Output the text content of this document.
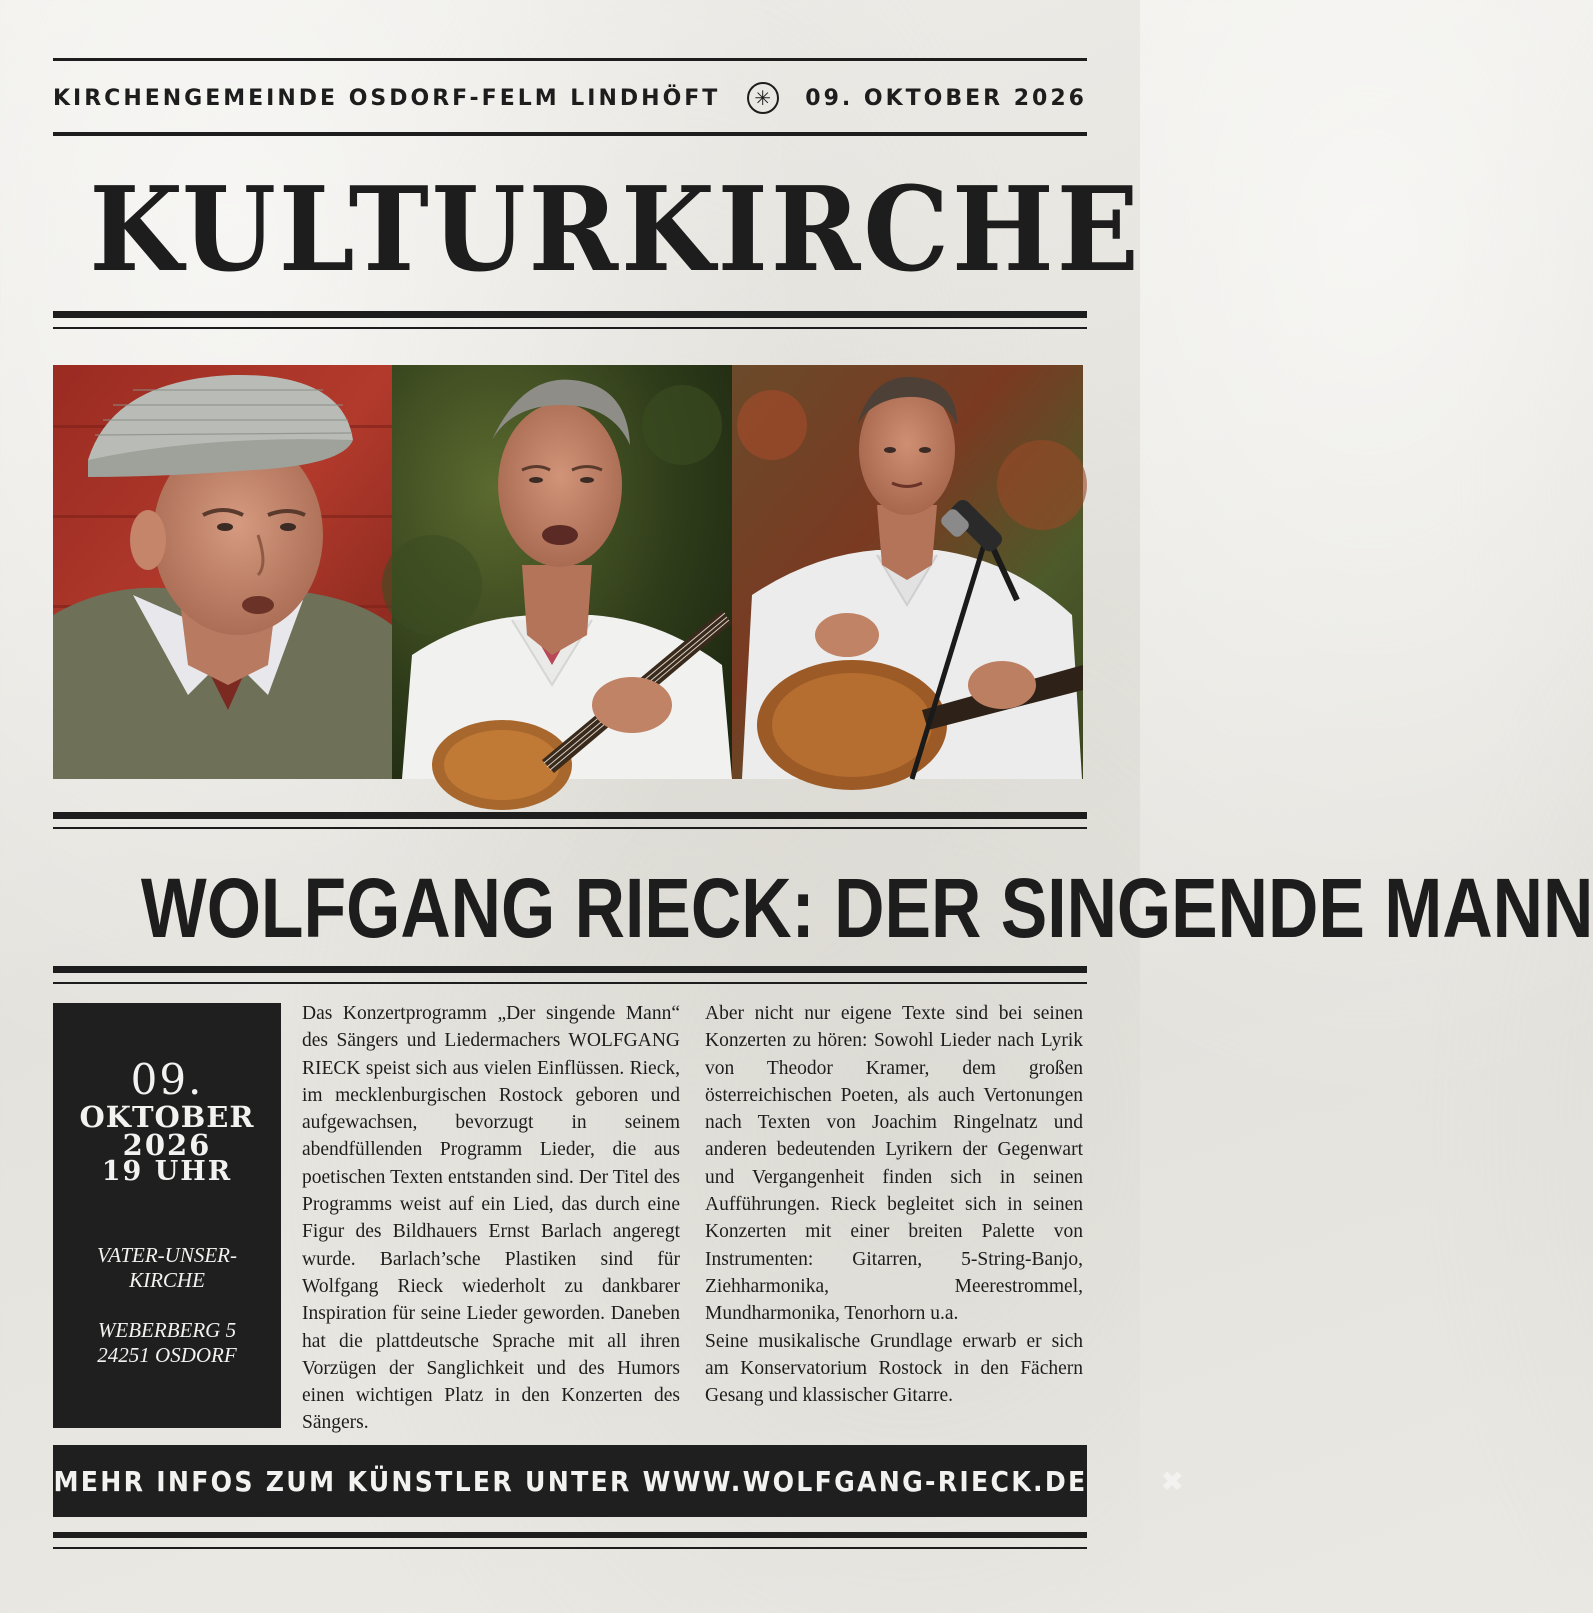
KIRCHENGEMEINDE OSDORF-FELM LINDHÖFT ✳ 09. OKTOBER 2026
KULTURKIRCHE
WOLFGANG RIECK: DER SINGENDE MANN
09.
OKTOBER
2026
19 UHR
VATER-UNSER-
KIRCHE
WEBERBERG 5
24251 OSDORF

Das Konzertprogramm „Der singende Mann“ des Sängers und Liedermachers WOLFGANG RIECK speist sich aus vielen Einflüssen. Rieck, im mecklenburgischen Rostock geboren und aufgewachsen, bevorzugt in seinem abendfüllenden Programm Lieder, die aus poetischen Texten entstanden sind. Der Titel des Programms weist auf ein Lied, das durch eine Figur des Bildhauers Ernst Barlach angeregt wurde. Barlach’sche Plastiken sind für Wolfgang Rieck wiederholt zu dankbarer Inspiration für seine Lieder geworden. Daneben hat die plattdeutsche Sprache mit all ihren Vorzügen der Sanglichkeit und des Humors einen wichtigen Platz in den Konzerten des Sängers.

Aber nicht nur eigene Texte sind bei seinen Konzerten zu hören: Sowohl Lieder nach Lyrik von Theodor Kramer, dem großen österreichischen Poeten, als auch Vertonungen nach Texten von Joachim Ringelnatz und anderen bedeutenden Lyrikern der Gegenwart und Vergangenheit finden sich in seinen Aufführungen. Rieck begleitet sich in seinen Konzerten mit einer breiten Palette von Instrumenten: Gitarren, 5-String-Banjo, Ziehharmonika, Meerestrommel, Mundharmonika, Tenorhorn u.a.

Seine musikalische Grundlage erwarb er sich am Konservatorium Rostock in den Fächern Gesang und klassischer Gitarre.

MEHR INFOS ZUM KÜNSTLER UNTER WWW.WOLFGANG-RIECK.DE	✖
